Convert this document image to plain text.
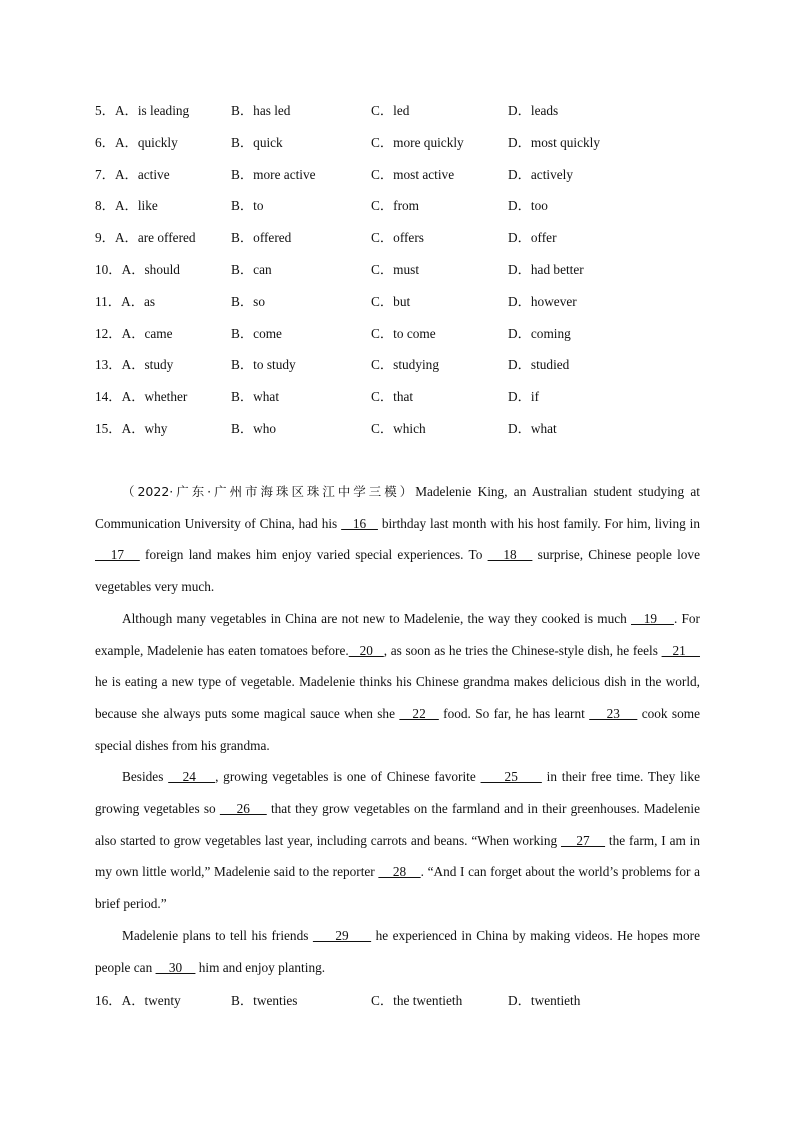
5．A．is leading	B．has led	C．led	D．leads
6．A．quickly	B．quick	C．more quickly	D．most quickly
7．A．active	B．more active	C．most active	D．actively
8．A．like	B．to	C．from	D．too
9．A．are offered	B．offered	C．offers	D．offer
10．A．should	B．can	C．must	D．had better
11．A．as	B．so	C．but	D．however
12．A．came	B．come	C．to come	D．coming
13．A．study	B．to study	C．studying	D．studied
14．A．whether	B．what	C．that	D．if
15．A．why	B．who	C．which	D．what

（2022·广东·广州市海珠区珠江中学三模）Madelenie King, an Australian student studying at Communication University of China, had his    16    birthday last month with his host family. For him, living in    17    foreign land makes him enjoy varied special experiences. To    18    surprise, Chinese people love vegetables very much.

Although many vegetables in China are not new to Madelenie, the way they cooked is much    19    . For example, Madelenie has eaten tomatoes before.   20   , as soon as he tries the Chinese-style dish, he feels    21     he is eating a new type of vegetable. Madelenie thinks his Chinese grandma makes delicious dish in the world, because she always puts some magical sauce when she    22    food. So far, he has learnt     23     cook some special dishes from his grandma.

Besides    24    , growing vegetables is one of Chinese favorite      25      in their free time. They like growing vegetables so     26     that they grow vegetables on the farmland and in their greenhouses. Madelenie also started to grow vegetables last year, including carrots and beans. “When working     27     the farm, I am in my own little world,” Madelenie said to the reporter     28    . “And I can forget about the world’s problems for a brief period.”

Madelenie plans to tell his friends      29      he experienced in China by making videos. He hopes more people can     30     him and enjoy planting.

16．A．twenty	B．twenties	C．the twentieth	D．twentieth
